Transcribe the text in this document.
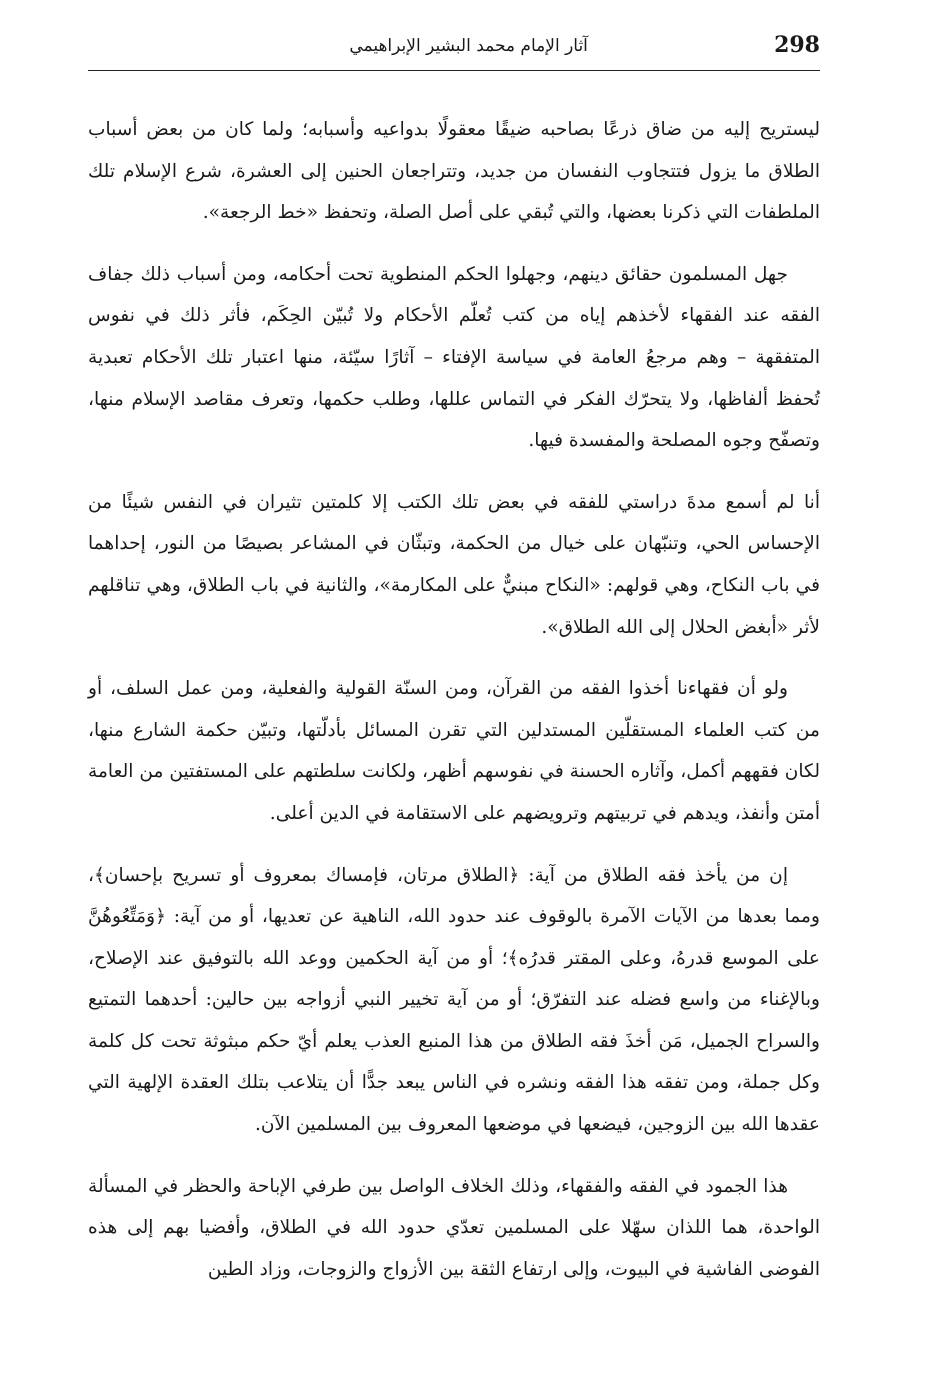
298
آثار الإمام محمد البشير الإبراهيمي

ليستريح إليه من ضاق ذرعًا بصاحبه ضيقًا معقولًا بدواعيه وأسبابه؛ ولما كان من بعض أسباب الطلاق ما يزول فتتجاوب النفسان من جديد، وتتراجعان الحنين إلى العشرة، شرع الإسلام تلك الملطفات التي ذكرنا بعضها، والتي تُبقي على أصل الصلة، وتحفظ «خط الرجعة».

جهل المسلمون حقائق دينهم، وجهلوا الحكم المنطوية تحت أحكامه، ومن أسباب ذلك جفاف الفقه عند الفقهاء لأخذهم إياه من كتب تُعلّم الأحكام ولا تُبيّن الحِكَم، فأثر ذلك في نفوس المتفقهة – وهم مرجعُ العامة في سياسة الإفتاء – آثارًا سيّئة، منها اعتبار تلك الأحكام تعبدية تُحفظ ألفاظها، ولا يتحرّك الفكر في التماس عللها، وطلب حكمها، وتعرف مقاصد الإسلام منها، وتصفّح وجوه المصلحة والمفسدة فيها.

أنا لم أسمع مدةَ دراستي للفقه في بعض تلك الكتب إلا كلمتين تثيران في النفس شيئًا من الإحساس الحي، وتنبّهان على خيال من الحكمة، وتبثّان في المشاعر بصيصًا من النور، إحداهما في باب النكاح، وهي قولهم: «النكاح مبنيٌّ على المكارمة»، والثانية في باب الطلاق، وهي تناقلهم لأثر «أبغض الحلال إلى الله الطلاق».

ولو أن فقهاءنا أخذوا الفقه من القرآن، ومن السنّة القولية والفعلية، ومن عمل السلف، أو من كتب العلماء المستقلّين المستدلين التي تقرن المسائل بأدلّتها، وتبيّن حكمة الشارع منها، لكان فقههم أكمل، وآثاره الحسنة في نفوسهم أظهر، ولكانت سلطتهم على المستفتين من العامة أمتن وأنفذ، ويدهم في تربيتهم وترويضهم على الاستقامة في الدين أعلى.

إن من يأخذ فقه الطلاق من آية: ﴿الطلاق مرتان، فإمساك بمعروف أو تسريح بإحسان﴾، ومما بعدها من الآيات الآمرة بالوقوف عند حدود الله، الناهية عن تعديها، أو من آية: ﴿وَمَتِّعُوهُنَّ على الموسع قدرهُ، وعلى المقتر قدرُه﴾؛ أو من آية الحكمين ووعد الله بالتوفيق عند الإصلاح، وبالإغناء من واسع فضله عند التفرّق؛ أو من آية تخيير النبي أزواجه بين حالين: أحدهما التمتيع والسراح الجميل، مَن أخذَ فقه الطلاق من هذا المنبع العذب يعلم أيّ حكم مبثوثة تحت كل كلمة وكل جملة، ومن تفقه هذا الفقه ونشره في الناس يبعد جدًّا أن يتلاعب بتلك العقدة الإلهية التي عقدها الله بين الزوجين، فيضعها في موضعها المعروف بين المسلمين الآن.

هذا الجمود في الفقه والفقهاء، وذلك الخلاف الواصل بين طرفي الإباحة والحظر في المسألة الواحدة، هما اللذان سهّلا على المسلمين تعدّي حدود الله في الطلاق، وأفضيا بهم إلى هذه الفوضى الفاشية في البيوت، وإلى ارتفاع الثقة بين الأزواج والزوجات، وزاد الطين
